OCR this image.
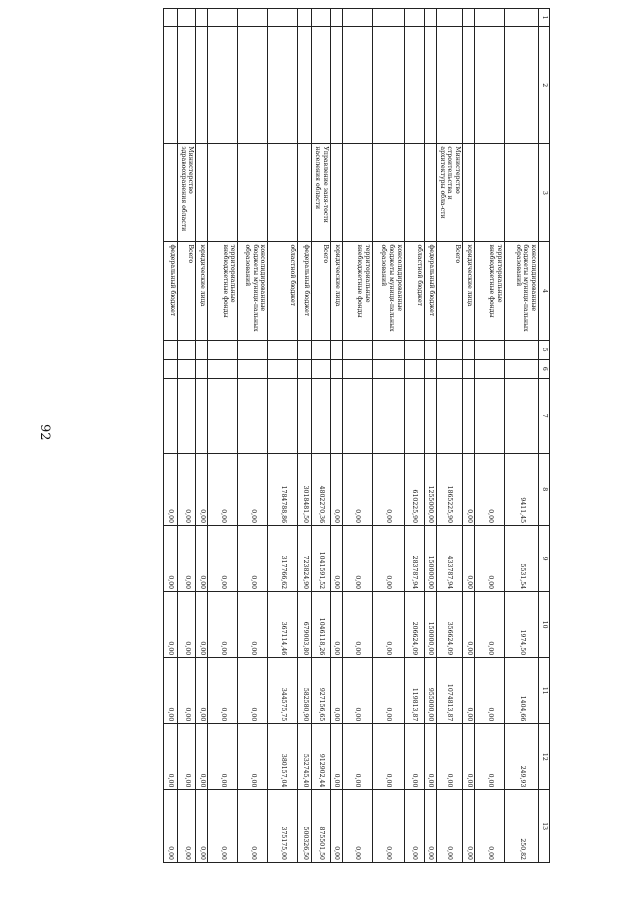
92
1	2	3	4	5	6	7	8	9	10	11	12	13
			консолидированные бюджеты муници-пальных образований				9411,45	5531,54	1974,50	1404,66	249,93	250,82
			территориальные внебюджетные фонды				0,00	0,00	0,00	0,00	0,00	0,00
			юридические лица				0,00	0,00	0,00	0,00	0,00	0,00
		Министерство строительства и архитектуры обла-сти	Всего				1865225,90	433787,94	356624,09	1074813,87	0,00	0,00
			федеральный бюджет				1255000,00	150000,00	150000,00	955000,00	0,00	0,00
			областной бюджет				610225,90	283787,94	206624,09	119813,87	0,00	0,00
			консолидированные бюджеты муници-пальных образований				0,00	0,00	0,00	0,00	0,00	0,00
			территориальные внебюджетные фонды				0,00	0,00	0,00	0,00	0,00	0,00
			юридические лица				0,00	0,00	0,00	0,00	0,00	0,00
		Управление заня-тости населения области	Всего				4802270,36	1041591,52	1046118,26	927156,65	912902,44	875501,50
			федеральный бюджет				3018481,50	723824,90	679003,80	582580,90	532745,40	500326,50
			областной бюджет				1784788,86	317766,62	367114,46	344575,75	380157,04	375175,00
			консолидированные бюджеты муници-пальных образований				0,00	0,00	0,00	0,00	0,00	0,00
			территориальные внебюджетные фонды				0,00	0,00	0,00	0,00	0,00	0,00
			юридические лица				0,00	0,00	0,00	0,00	0,00	0,00
		Министерство здравоохранения области	Всего				0,00	0,00	0,00	0,00	0,00	0,00
			федеральный бюджет				0,00	0,00	0,00	0,00	0,00	0,00
